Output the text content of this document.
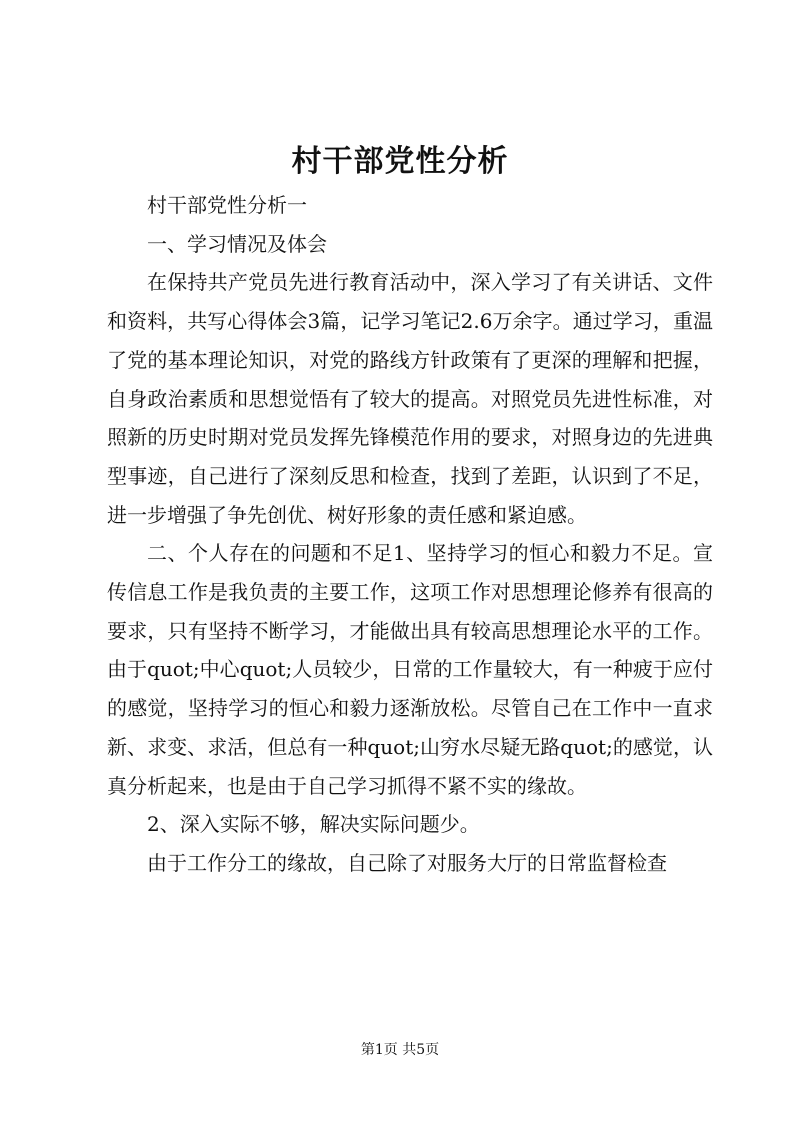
村干部党性分析

村干部党性分析一

一、学习情况及体会

在保持共产党员先进行教育活动中，深入学习了有关讲话、文件和资料，共写心得体会3篇，记学习笔记2.6万余字。通过学习，重温了党的基本理论知识，对党的路线方针政策有了更深的理解和把握，自身政治素质和思想觉悟有了较大的提高。对照党员先进性标准，对照新的历史时期对党员发挥先锋模范作用的要求，对照身边的先进典型事迹，自己进行了深刻反思和检查，找到了差距，认识到了不足，进一步增强了争先创优、树好形象的责任感和紧迫感。

二、个人存在的问题和不足1、坚持学习的恒心和毅力不足。宣传信息工作是我负责的主要工作，这项工作对思想理论修养有很高的要求，只有坚持不断学习，才能做出具有较高思想理论水平的工作。由于quot;中心quot;人员较少，日常的工作量较大，有一种疲于应付的感觉，坚持学习的恒心和毅力逐渐放松。尽管自己在工作中一直求新、求变、求活，但总有一种quot;山穷水尽疑无路quot;的感觉，认真分析起来，也是由于自己学习抓得不紧不实的缘故。

2、深入实际不够，解决实际问题少。

由于工作分工的缘故，自己除了对服务大厅的日常监督检查

第1页 共5页
